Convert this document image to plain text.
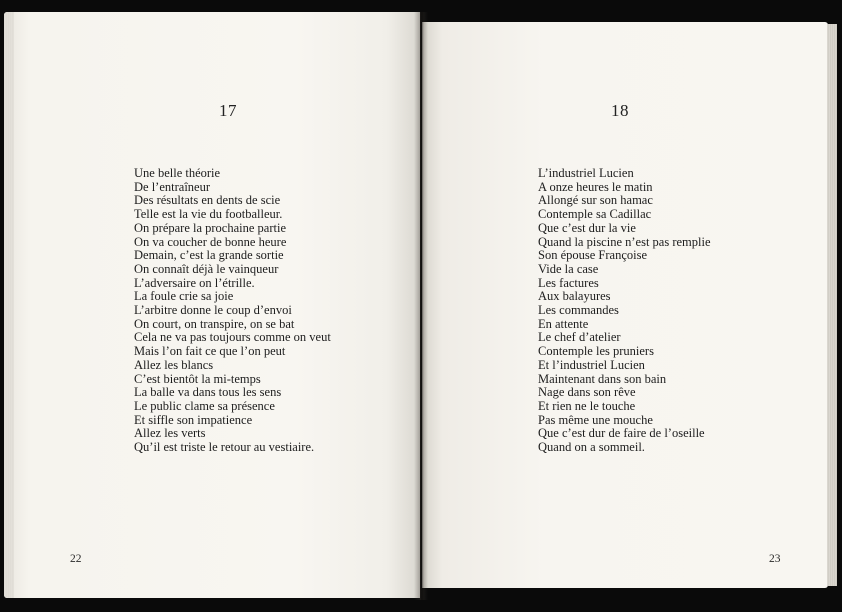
17
Une belle théorie
De l’entraîneur
Des résultats en dents de scie
Telle est la vie du footballeur.
On prépare la prochaine partie
On va coucher de bonne heure
Demain, c’est la grande sortie
On connaît déjà le vainqueur
L’adversaire on l’étrille.
La foule crie sa joie
L’arbitre donne le coup d’envoi
On court, on transpire, on se bat
Cela ne va pas toujours comme on veut
Mais l’on fait ce que l’on peut
Allez les blancs
C’est bientôt la mi-temps
La balle va dans tous les sens
Le public clame sa présence
Et siffle son impatience
Allez les verts
Qu’il est triste le retour au vestiaire.
22
18
L’industriel Lucien
A onze heures le matin
Allongé sur son hamac
Contemple sa Cadillac
Que c’est dur la vie
Quand la piscine n’est pas remplie
Son épouse Françoise
Vide la case
Les factures
Aux balayures
Les commandes
En attente
Le chef d’atelier
Contemple les pruniers
Et l’industriel Lucien
Maintenant dans son bain
Nage dans son rêve
Et rien ne le touche
Pas même une mouche
Que c’est dur de faire de l’oseille
Quand on a sommeil.
23
